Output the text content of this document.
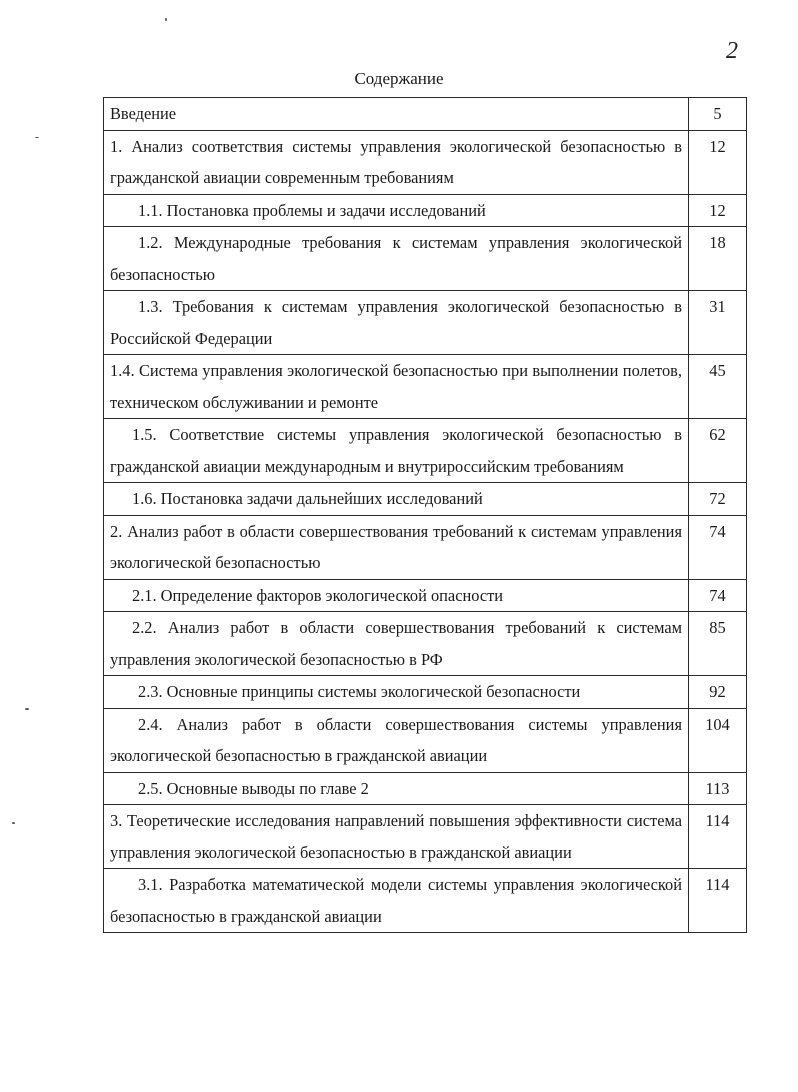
2
Содержание
Введение	5
1. Анализ соответствия системы управления экологической безопасностью в гражданской авиации современным требованиям	12
1.1. Постановка проблемы и задачи исследований	12
1.2. Международные требования к системам управления экологической безопасностью	18
1.3. Требования к системам управления экологической безопасностью в Российской Федерации	31
1.4. Система управления экологической безопасностью при выполнении полетов, техническом обслуживании и ремонте	45
1.5. Соответствие системы управления экологической безопасностью в гражданской авиации международным и внутрироссийским требованиям	62
1.6. Постановка задачи дальнейших исследований	72
2. Анализ работ в области совершествования требований к системам управления экологической безопасностью	74
2.1. Определение факторов экологической опасности	74
2.2. Анализ работ в области совершествования требований к системам управления экологической безопасностью в РФ	85
2.3. Основные принципы системы экологической безопасности	92
2.4. Анализ работ в области совершествования системы управления экологической безопасностью в гражданской авиации	104
2.5. Основные выводы по главе 2	113
3. Теоретические исследования направлений повышения эффективности система управления экологической безопасностью в гражданской авиации	114
3.1. Разработка математической модели системы управления экологической безопасностью в гражданской авиации	114
